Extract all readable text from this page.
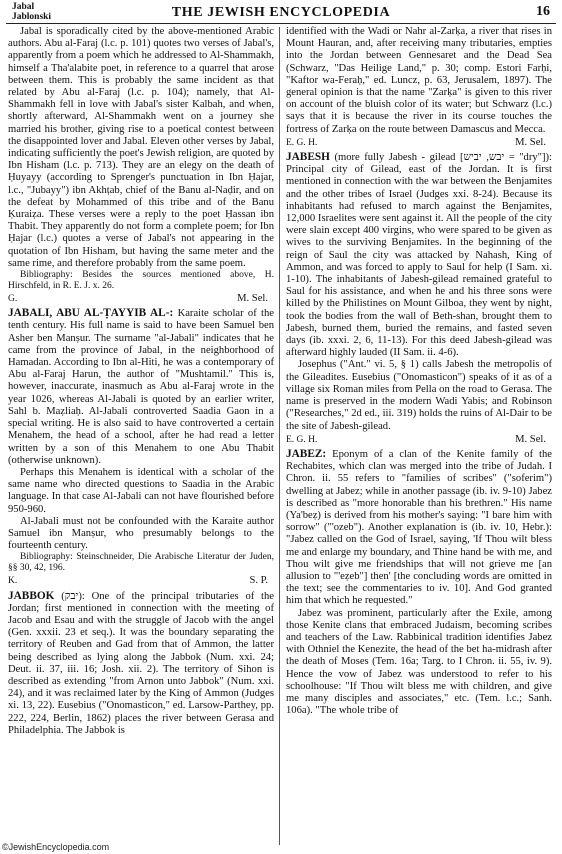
Jabal
Jablonski	THE JEWISH ENCYCLOPEDIA	16

Jabal is sporadically cited by the above-mentioned Arabic authors. Abu al-Faraj (l.c. p. 101) quotes two verses of Jabal's, apparently from a poem which he addressed to Al-Shammakh, himself a Tha'alabite poet, in reference to a quarrel that arose between them. This is probably the same incident as that related by Abu al-Faraj (l.c. p. 104); namely, that Al-Shammakh fell in love with Jabal's sister Kalbah, and when, shortly afterward, Al-Shammakh went on a journey she married his brother, giving rise to a poetical contest between the disappointed lover and Jabal. Eleven other verses by Jabal, indicating sufficiently the poet's Jewish religion, are quoted by Ibn Hisham (l.c. p. 713). They are an elegy on the death of Ḥuyayy (according to Sprenger's punctuation in Ibn Ḥajar, l.c., "Jubayy") ibn Akhṭab, chief of the Banu al-Naḍir, and on the defeat by Mohammed of this tribe and of the Banu Ḳuraiẓa. These verses were a reply to the poet Ḥassan ibn Thabit. They apparently do not form a complete poem; for Ibn Ḥajar (l.c.) quotes a verse of Jabal's not appearing in the quotation of Ibn Hisham, but having the same meter and the same rime, and therefore probably from the same poem.

Bibliography: Besides the sources mentioned above, H. Hirschfeld, in R. E. J. x. 26.

G.	M. Sel.

JABALI, ABU AL-ṬAYYIB AL-: Karaite scholar of the tenth century. His full name is said to have been Samuel ben Asher ben Manṣur. The surname "al-Jabali" indicates that he came from the province of Jabal, in the neighborhood of Hamadan. According to Ibn al-Hiti, he was a contemporary of Abu al-Faraj Harun, the author of "Mushtamil." This is, however, inaccurate, inasmuch as Abu al-Faraj wrote in the year 1026, whereas Al-Jabali is quoted by an earlier writer, Sahl b. Maẓliaḥ. Al-Jabali controverted Saadia Gaon in a special writing. He is also said to have controverted a certain Menahem, the head of a school, after he had read a letter written by a son of this Menahem to one Abu Thabit (otherwise unknown).

Perhaps this Menahem is identical with a scholar of the same name who directed questions to Saadia in the Arabic language. In that case Al-Jabali can not have flourished before 950-960.

Al-Jabali must not be confounded with the Karaite author Samuel ibn Manṣur, who presumably belongs to the fourteenth century.

Bibliography: Steinschneider, Die Arabische Literatur der Juden, §§ 30, 42, 196.

K.	S. P.

JABBOK (יבק): One of the principal tributaries of the Jordan; first mentioned in connection with the meeting of Jacob and Esau and with the struggle of Jacob with the angel (Gen. xxxii. 23 et seq.). It was the boundary separating the territory of Reuben and Gad from that of Ammon, the latter being described as lying along the Jabbok (Num. xxi. 24; Deut. ii. 37, iii. 16; Josh. xii. 2). The territory of Sihon is described as extending "from Arnon unto Jabbok" (Num. xxi. 24), and it was reclaimed later by the King of Ammon (Judges xi. 13, 22). Eusebius ("Onomasticon," ed. Larsow-Parthey, pp. 222, 224, Berlin, 1862) places the river between Gerasa and Philadelphia. The Jabbok is

identified with the Wadi or Nahr al-Zarḳa, a river that rises in Mount Hauran, and, after receiving many tributaries, empties into the Jordan between Gennesaret and the Dead Sea (Schwarz, "Das Heilige Land," p. 30; comp. Estori Farḥi, "Kaftor wa-Feraḥ," ed. Luncz, p. 63, Jerusalem, 1897). The general opinion is that the name "Zarḳa" is given to this river on account of the bluish color of its water; but Schwarz (l.c.) says that it is because the river in its course touches the fortress of Zarḳa on the route between Damascus and Mecca.

E. G. H.	M. Sel.

JABESH (more fully Jabesh - gilead [יבש, יביש = "dry"]): Principal city of Gilead, east of the Jordan. It is first mentioned in connection with the war between the Benjamites and the other tribes of Israel (Judges xxi. 8-24). Because its inhabitants had refused to march against the Benjamites, 12,000 Israelites were sent against it. All the people of the city were slain except 400 virgins, who were spared to be given as wives to the surviving Benjamites. In the beginning of the reign of Saul the city was attacked by Nahash, King of Ammon, and was forced to apply to Saul for help (I Sam. xi. 1-10). The inhabitants of Jabesh-gilead remained grateful to Saul for his assistance, and when he and his three sons were killed by the Philistines on Mount Gilboa, they went by night, took the bodies from the wall of Beth-shan, brought them to Jabesh, burned them, buried the remains, and fasted seven days (ib. xxxi. 2, 6, 11-13). For this deed Jabesh-gilead was afterward highly lauded (II Sam. ii. 4-6).

Josephus ("Ant." vi. 5, § 1) calls Jabesh the metropolis of the Gileadites. Eusebius ("Onomasticon") speaks of it as of a village six Roman miles from Pella on the road to Gerasa. The name is preserved in the modern Wadi Yabis; and Robinson ("Researches," 2d ed., iii. 319) holds the ruins of Al-Dair to be the site of Jabesh-gilead.

E. G. H.	M. Sel.

JABEZ: Eponym of a clan of the Kenite family of the Rechabites, which clan was merged into the tribe of Judah. I Chron. ii. 55 refers to "families of scribes" ("soferim") dwelling at Jabez; while in another passage (ib. iv. 9-10) Jabez is described as "more honorable than his brethren." His name (Ya'beẓ) is derived from his mother's saying: "I bare him with sorrow" ("'ozeb"). Another explanation is (ib. iv. 10, Hebr.): "Jabez called on the God of Israel, saying, 'If Thou wilt bless me and enlarge my boundary, and Thine hand be with me, and Thou wilt give me friendships that will not grieve me [an allusion to "'eẓeb"] then' [the concluding words are omitted in the text; see the commentaries to iv. 10]. And God granted him that which he requested."

Jabez was prominent, particularly after the Exile, among those Kenite clans that embraced Judaism, becoming scribes and teachers of the Law. Rabbinical tradition identifies Jabez with Othniel the Kenezite, the head of the bet ha-midrash after the death of Moses (Tem. 16a; Targ. to I Chron. ii. 55, iv. 9). Hence the vow of Jabez was understood to refer to his schoolhouse: "If Thou wilt bless me with children, and give me many disciples and associates," etc. (Tem. l.c.; Sanh. 106a). "The whole tribe of

©JewishEncyclopedia.com
